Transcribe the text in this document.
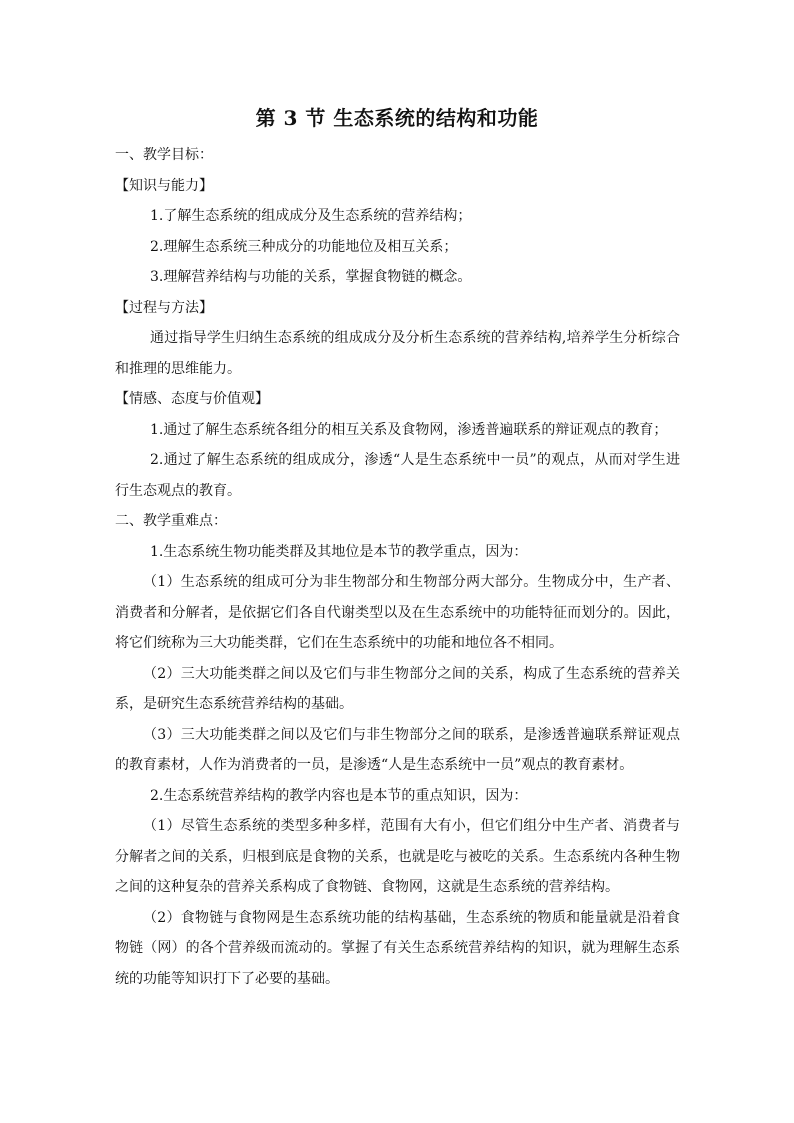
第 3 节 生态系统的结构和功能

一、教学目标：

【知识与能力】

1.了解生态系统的组成成分及生态系统的营养结构；

2.理解生态系统三种成分的功能地位及相互关系；

3.理解营养结构与功能的关系，掌握食物链的概念。

【过程与方法】

通过指导学生归纳生态系统的组成成分及分析生态系统的营养结构,培养学生分析综合和推理的思维能力。

【情感、态度与价值观】

1.通过了解生态系统各组分的相互关系及食物网，渗透普遍联系的辩证观点的教育；

2.通过了解生态系统的组成成分，渗透“人是生态系统中一员”的观点，从而对学生进行生态观点的教育。

二、教学重难点：

1.生态系统生物功能类群及其地位是本节的教学重点，因为：

（1）生态系统的组成可分为非生物部分和生物部分两大部分。生物成分中，生产者、消费者和分解者，是依据它们各自代谢类型以及在生态系统中的功能特征而划分的。因此，将它们统称为三大功能类群，它们在生态系统中的功能和地位各不相同。

（2）三大功能类群之间以及它们与非生物部分之间的关系，构成了生态系统的营养关系，是研究生态系统营养结构的基础。

（3）三大功能类群之间以及它们与非生物部分之间的联系，是渗透普遍联系辩证观点的教育素材，人作为消费者的一员，是渗透“人是生态系统中一员”观点的教育素材。

2.生态系统营养结构的教学内容也是本节的重点知识，因为：

（1）尽管生态系统的类型多种多样，范围有大有小，但它们组分中生产者、消费者与分解者之间的关系，归根到底是食物的关系，也就是吃与被吃的关系。生态系统内各种生物之间的这种复杂的营养关系构成了食物链、食物网，这就是生态系统的营养结构。

（2）食物链与食物网是生态系统功能的结构基础，生态系统的物质和能量就是沿着食物链（网）的各个营养级而流动的。掌握了有关生态系统营养结构的知识，就为理解生态系统的功能等知识打下了必要的基础。
